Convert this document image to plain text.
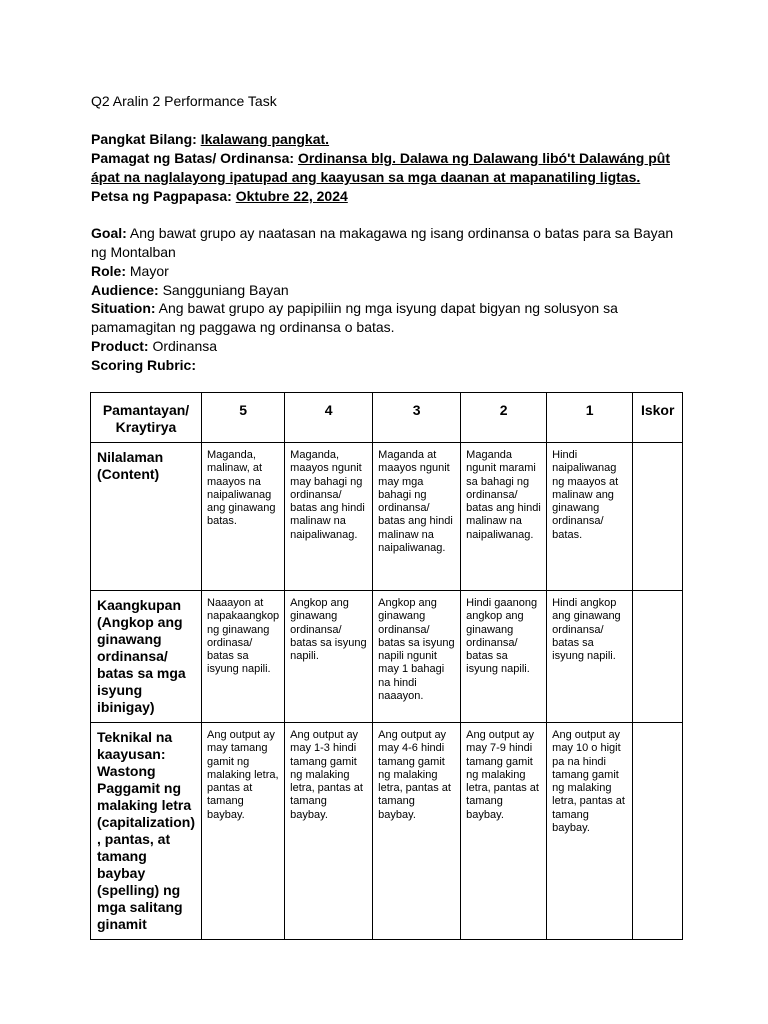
Q2 Aralin 2 Performance Task
Pangkat Bilang: Ikalawang pangkat.
Pamagat ng Batas/ Ordinansa: Ordinansa blg. Dalawa ng Dalawang libó't Dalawáng pût
ápat na naglalayong ipatupad ang kaayusan sa mga daanan at mapanatiling ligtas.
Petsa ng Pagpapasa: Oktubre 22, 2024
Goal: Ang bawat grupo ay naatasan na makagawa ng isang ordinansa o batas para sa Bayan ng Montalban
Role: Mayor
Audience: Sangguniang Bayan
Situation: Ang bawat grupo ay papipiliin ng mga isyung dapat bigyan ng solusyon sa pamamagitan ng paggawa ng ordinansa o batas.
Product: Ordinansa
Scoring Rubric:
Pamantayan/ Kraytirya	5	4	3	2	1	Iskor
Nilalaman (Content)	Maganda, malinaw, at maayos na naipaliwanag ang ginawang batas.	Maganda, maayos ngunit may bahagi ng ordinansa/ batas ang hindi malinaw na naipaliwanag.	Maganda at maayos ngunit may mga bahagi ng ordinansa/ batas ang hindi malinaw na naipaliwanag.	Maganda ngunit marami sa bahagi ng ordinansa/ batas ang hindi malinaw na naipaliwanag.	Hindi naipaliwanag ng maayos at malinaw ang ginawang ordinansa/ batas.	
Kaangkupan (Angkop ang ginawang ordinansa/ batas sa mga isyung ibinigay)	Naaayon at napakaangkop ng ginawang ordinasa/ batas sa isyung napili.	Angkop ang ginawang ordinansa/ batas sa isyung napili.	Angkop ang ginawang ordinansa/ batas sa isyung napili ngunit may 1 bahagi na hindi naaayon.	Hindi gaanong angkop ang ginawang ordinansa/ batas sa isyung napili.	Hindi angkop ang ginawang ordinansa/ batas sa isyung napili.	
Teknikal na kaayusan: Wastong Paggamit ng malaking letra (capitalization) , pantas, at tamang baybay (spelling) ng mga salitang ginamit	Ang output ay may tamang gamit ng malaking letra, pantas at tamang baybay.	Ang output ay may 1-3 hindi tamang gamit ng malaking letra, pantas at tamang baybay.	Ang output ay may 4-6 hindi tamang gamit ng malaking letra, pantas at tamang baybay.	Ang output ay may 7-9 hindi tamang gamit ng malaking letra, pantas at tamang baybay.	Ang output ay may 10 o higit pa na hindi tamang gamit ng malaking letra, pantas at tamang baybay.	
